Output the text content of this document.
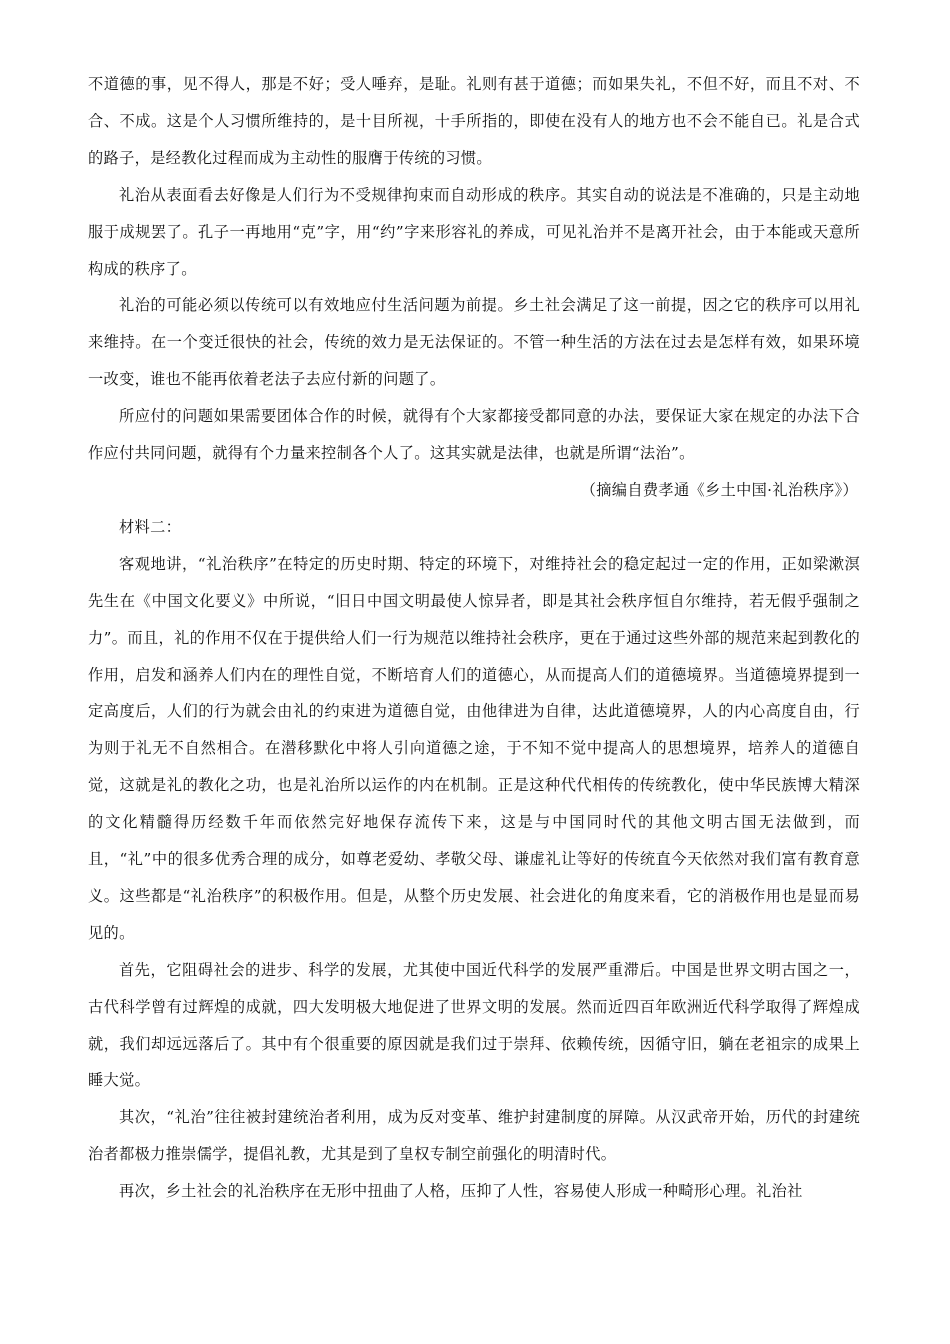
不道德的事，见不得人，那是不好；受人唾弃，是耻。礼则有甚于道德；而如果失礼，不但不好，而且不对、不合、不成。这是个人习惯所维持的，是十目所视，十手所指的，即使在没有人的地方也不会不能自已。礼是合式的路子，是经教化过程而成为主动性的服膺于传统的习惯。

礼治从表面看去好像是人们行为不受规律拘束而自动形成的秩序。其实自动的说法是不准确的，只是主动地服于成规罢了。孔子一再地用“克”字，用“约”字来形容礼的养成，可见礼治并不是离开社会，由于本能或天意所构成的秩序了。

礼治的可能必须以传统可以有效地应付生活问题为前提。乡土社会满足了这一前提，因之它的秩序可以用礼来维持。在一个变迁很快的社会，传统的效力是无法保证的。不管一种生活的方法在过去是怎样有效，如果环境一改变，谁也不能再依着老法子去应付新的问题了。

所应付的问题如果需要团体合作的时候，就得有个大家都接受都同意的办法，要保证大家在规定的办法下合作应付共同问题，就得有个力量来控制各个人了。这其实就是法律，也就是所谓“法治”。

（摘编自费孝通《乡土中国·礼治秩序》）

材料二：

客观地讲，“礼治秩序”在特定的历史时期、特定的环境下，对维持社会的稳定起过一定的作用，正如梁漱溟先生在《中国文化要义》中所说，“旧日中国文明最使人惊异者，即是其社会秩序恒自尔维持，若无假乎强制之力”。而且，礼的作用不仅在于提供给人们一行为规范以维持社会秩序，更在于通过这些外部的规范来起到教化的作用，启发和涵养人们内在的理性自觉，不断培育人们的道德心，从而提高人们的道德境界。当道德境界提到一定高度后，人们的行为就会由礼的约束进为道德自觉，由他律进为自律，达此道德境界，人的内心高度自由，行为则于礼无不自然相合。在潜移默化中将人引向道德之途，于不知不觉中提高人的思想境界，培养人的道德自觉，这就是礼的教化之功，也是礼治所以运作的内在机制。正是这种代代相传的传统教化，使中华民族博大精深的文化精髓得历经数千年而依然完好地保存流传下来，这是与中国同时代的其他文明古国无法做到，而且，“礼”中的很多优秀合理的成分，如尊老爱幼、孝敬父母、谦虚礼让等好的传统直今天依然对我们富有教育意义。这些都是“礼治秩序”的积极作用。但是，从整个历史发展、社会进化的角度来看，它的消极作用也是显而易见的。

首先，它阻碍社会的进步、科学的发展，尤其使中国近代科学的发展严重滞后。中国是世界文明古国之一，古代科学曾有过辉煌的成就，四大发明极大地促进了世界文明的发展。然而近四百年欧洲近代科学取得了辉煌成就，我们却远远落后了。其中有个很重要的原因就是我们过于崇拜、依赖传统，因循守旧，躺在老祖宗的成果上睡大觉。

其次，“礼治”往往被封建统治者利用，成为反对变革、维护封建制度的屏障。从汉武帝开始，历代的封建统治者都极力推崇儒学，提倡礼教，尤其是到了皇权专制空前强化的明清时代。

再次，乡土社会的礼治秩序在无形中扭曲了人格，压抑了人性，容易使人形成一种畸形心理。礼治社
